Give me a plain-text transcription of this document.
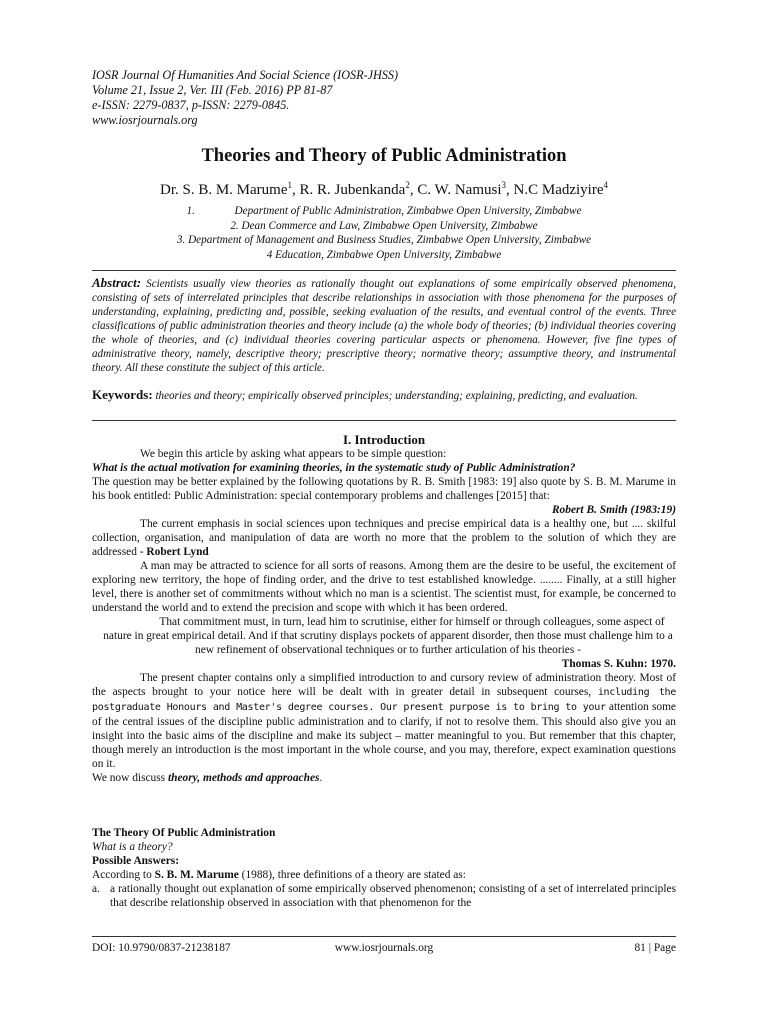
IOSR Journal Of Humanities And Social Science (IOSR-JHSS)
Volume 21, Issue 2, Ver. III (Feb. 2016) PP 81-87
e-ISSN: 2279-0837, p-ISSN: 2279-0845.
www.iosrjournals.org
Theories and Theory of Public Administration
Dr. S. B. M. Marume$^1$, R. R. Jubenkanda$^2$, C. W. Namusi$^3$, N.C Madziyire$^4$
1.	Department of Public Administration, Zimbabwe Open University, Zimbabwe
2. Dean Commerce and Law, Zimbabwe Open University, Zimbabwe
3. Department of Management and Business Studies, Zimbabwe Open University, Zimbabwe
4 Education, Zimbabwe Open University, Zimbabwe
Abstract: Scientists usually view theories as rationally thought out explanations of some empirically observed phenomena, consisting of sets of interrelated principles that describe relationships in association with those phenomena for the purposes of understanding, explaining, predicting and, possible, seeking evaluation of the results, and eventual control of the events. Three classifications of public administration theories and theory include (a) the whole body of theories; (b) individual theories covering the whole of theories, and (c) individual theories covering particular aspects or phenomena. However, five fine types of administrative theory, namely, descriptive theory; prescriptive theory; normative theory; assumptive theory, and instrumental theory. All these constitute the subject of this article.
Keywords: theories and theory; empirically observed principles; understanding; explaining, predicting, and evaluation.
I. Introduction

We begin this article by asking what appears to be simple question:

What is the actual motivation for examining theories, in the systematic study of Public Administration?

The question may be better explained by the following quotations by R. B. Smith [1983: 19] also quote by S. B. M. Marume in his book entitled: Public Administration: special contemporary problems and challenges [2015] that:

Robert B. Smith (1983:19)

The current emphasis in social sciences upon techniques and precise empirical data is a healthy one, but .... skilful collection, organisation, and manipulation of data are worth no more that the problem to the solution of which they are addressed - Robert Lynd

A man may be attracted to science for all sorts of reasons. Among them are the desire to be useful, the excitement of exploring new territory, the hope of finding order, and the drive to test established knowledge. ........ Finally, at a still higher level, there is another set of commitments without which no man is a scientist. The scientist must, for example, be concerned to understand the world and to extend the precision and scope with which it has been ordered.

That commitment must, in turn, lead him to scrutinise, either for himself or through colleagues, some aspect of nature in great empirical detail. And if that scrutiny displays pockets of apparent disorder, then those must challenge him to a new refinement of observational techniques or to further articulation of his theories -

Thomas S. Kuhn: 1970.

The present chapter contains only a simplified introduction to and cursory review of administration theory. Most of the aspects brought to your notice here will be dealt with in greater detail in subsequent courses, including the postgraduate Honours and Master's degree courses. Our present purpose is to bring to your attention some of the central issues of the discipline public administration and to clarify, if not to resolve them. This should also give you an insight into the basic aims of the discipline and make its subject – matter meaningful to you. But remember that this chapter, though merely an introduction is the most important in the whole course, and you may, therefore, expect examination questions on it.

We now discuss theory, methods and approaches.

The Theory Of Public Administration

What is a theory?

Possible Answers:

According to S. B. M. Marume (1988), three definitions of a theory are stated as:

a. a rationally thought out explanation of some empirically observed phenomenon; consisting of a set of interrelated principles that describe relationship observed in association with that phenomenon for the
DOI: 10.9790/0837-21238187	www.iosrjournals.org	81 | Page
